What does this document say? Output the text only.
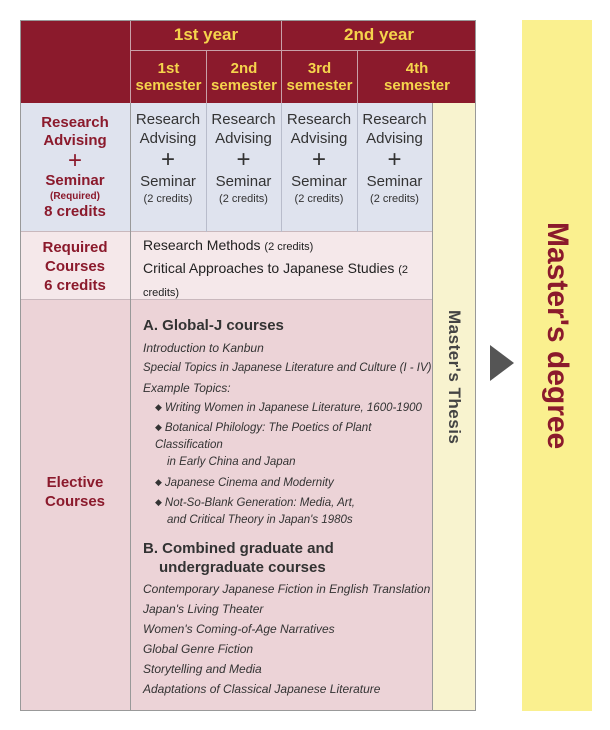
1st year	2nd year
1st
semester
2nd
semester
3rd
semester
4th
semester
Research
Advising
+
Seminar
(Required)
8 credits
Research
Advising
+
Seminar
(2 credits)
Research
Advising
+
Seminar
(2 credits)
Research
Advising
+
Seminar
(2 credits)
Research
Advising
+
Seminar
(2 credits)
Required
Courses
6 credits
Research Methods (2 credits)
Critical Approaches to Japanese Studies (2 credits)
Elective
Courses
A. Global-J courses
Introduction to Kanbun
Special Topics in Japanese Literature and Culture (I - IV)
Example Topics:
◆ Writing Women in Japanese Literature, 1600-1900
◆ Botanical Philology: The Poetics of Plant Classification
in Early China and Japan
◆ Japanese Cinema and Modernity
◆ Not-So-Blank Generation: Media, Art,
and Critical Theory in Japan's 1980s
B. Combined graduate and
undergraduate courses
Contemporary Japanese Fiction in English Translation
Japan's Living Theater
Women's Coming-of-Age Narratives
Global Genre Fiction
Storytelling and Media
Adaptations of Classical Japanese Literature
Master's Thesis	Master's degree
